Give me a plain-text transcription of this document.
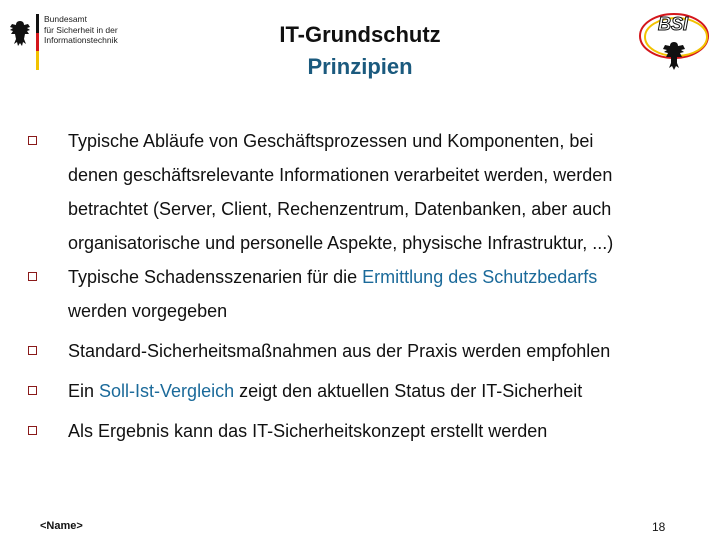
Bundesamt
für Sicherheit in der
Informationstechnik
BSI
IT-Grundschutz
Prinzipien
Typische Abläufe von Geschäftsprozessen und Komponenten, bei
denen geschäftsrelevante Informationen verarbeitet werden, werden
betrachtet (Server, Client, Rechenzentrum, Datenbanken, aber auch
organisatorische und personelle Aspekte, physische Infrastruktur, ...)
Typische Schadensszenarien für die Ermittlung des Schutzbedarfs
werden vorgegeben
Standard-Sicherheitsmaßnahmen aus der Praxis werden empfohlen
Ein Soll-Ist-Vergleich zeigt den aktuellen Status der IT-Sicherheit
Als Ergebnis kann das IT-Sicherheitskonzept erstellt werden
<Name>	18
